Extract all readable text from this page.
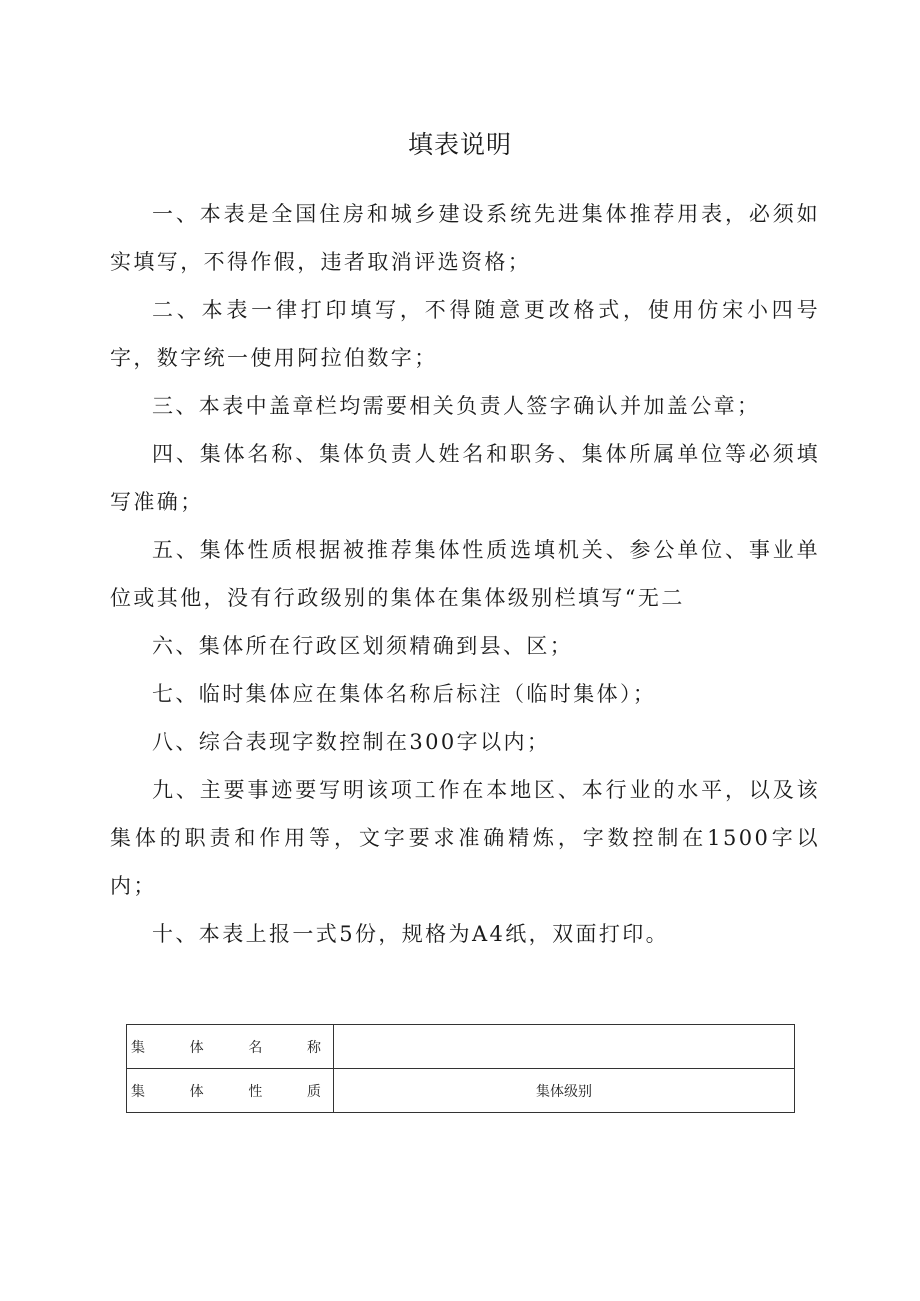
填表说明
一、本表是全国住房和城乡建设系统先进集体推荐用表，必须如实填写，不得作假，违者取消评选资格；
二、本表一律打印填写，不得随意更改格式，使用仿宋小四号字，数字统一使用阿拉伯数字；
三、本表中盖章栏均需要相关负责人签字确认并加盖公章；
四、集体名称、集体负责人姓名和职务、集体所属单位等必须填写准确；
五、集体性质根据被推荐集体性质选填机关、参公单位、事业单位或其他，没有行政级别的集体在集体级别栏填写“无二
六、集体所在行政区划须精确到县、区；
七、临时集体应在集体名称后标注（临时集体）；
八、综合表现字数控制在300字以内；
九、主要事迹要写明该项工作在本地区、本行业的水平，以及该集体的职责和作用等，文字要求准确精炼，字数控制在1500字以内；
十、本表上报一式5份，规格为A4纸，双面打印。
集 体 名 称	

集 体 性 质	集体级别
